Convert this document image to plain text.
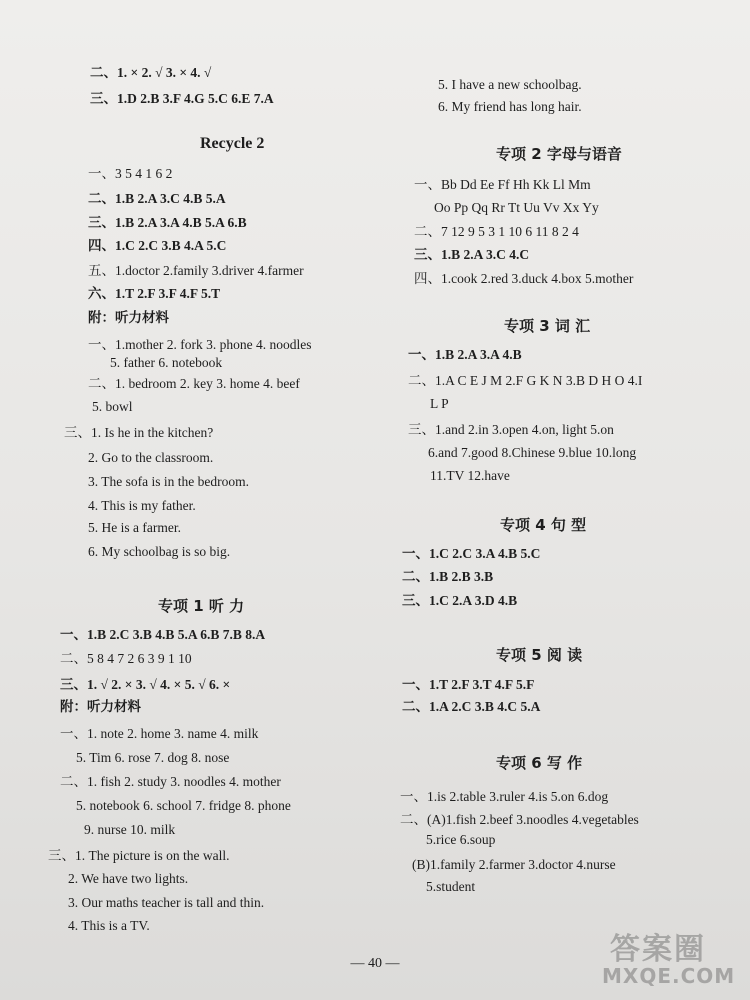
二、1. × 2. √ 3. × 4. √
三、1.D 2.B 3.F 4.G 5.C 6.E 7.A
Recycle 2
一、3 5 4 1 6 2
二、1.B 2.A 3.C 4.B 5.A
三、1.B 2.A 3.A 4.B 5.A 6.B
四、1.C 2.C 3.B 4.A 5.C
五、1.doctor 2.family 3.driver 4.farmer
六、1.T 2.F 3.F 4.F 5.T
附：听力材料
一、1.mother 2. fork 3. phone 4. noodles
5. father 6. notebook
二、1. bedroom 2. key 3. home 4. beef
5. bowl
三、1. Is he in the kitchen?
2. Go to the classroom.
3. The sofa is in the bedroom.
4. This is my father.
5. He is a farmer.
6. My schoolbag is so big.
专项 1 听 力
一、1.B 2.C 3.B 4.B 5.A 6.B 7.B 8.A
二、5 8 4 7 2 6 3 9 1 10
三、1. √ 2. × 3. √ 4. × 5. √ 6. ×
附：听力材料
一、1. note 2. home 3. name 4. milk
5. Tim 6. rose 7. dog 8. nose
二、1. fish 2. study 3. noodles 4. mother
5. notebook 6. school 7. fridge 8. phone
9. nurse 10. milk
三、1. The picture is on the wall.
2. We have two lights.
3. Our maths teacher is tall and thin.
4. This is a TV.
5. I have a new schoolbag.
6. My friend has long hair.
专项 2 字母与语音
一、Bb Dd Ee Ff Hh Kk Ll Mm
Oo Pp Qq Rr Tt Uu Vv Xx Yy
二、7 12 9 5 3 1 10 6 11 8 2 4
三、1.B 2.A 3.C 4.C
四、1.cook 2.red 3.duck 4.box 5.mother
专项 3 词 汇
一、1.B 2.A 3.A 4.B
二、1.A C E J M 2.F G K N 3.B D H O 4.I
L P
三、1.and 2.in 3.open 4.on, light 5.on
6.and 7.good 8.Chinese 9.blue 10.long
11.TV 12.have
专项 4 句 型
一、1.C 2.C 3.A 4.B 5.C
二、1.B 2.B 3.B
三、1.C 2.A 3.D 4.B
专项 5 阅 读
一、1.T 2.F 3.T 4.F 5.F
二、1.A 2.C 3.B 4.C 5.A
专项 6 写 作
一、1.is 2.table 3.ruler 4.is 5.on 6.dog
二、(A)1.fish 2.beef 3.noodles 4.vegetables
5.rice 6.soup
(B)1.family 2.farmer 3.doctor 4.nurse
5.student
— 40 —	答案圈
MXQE.COM
